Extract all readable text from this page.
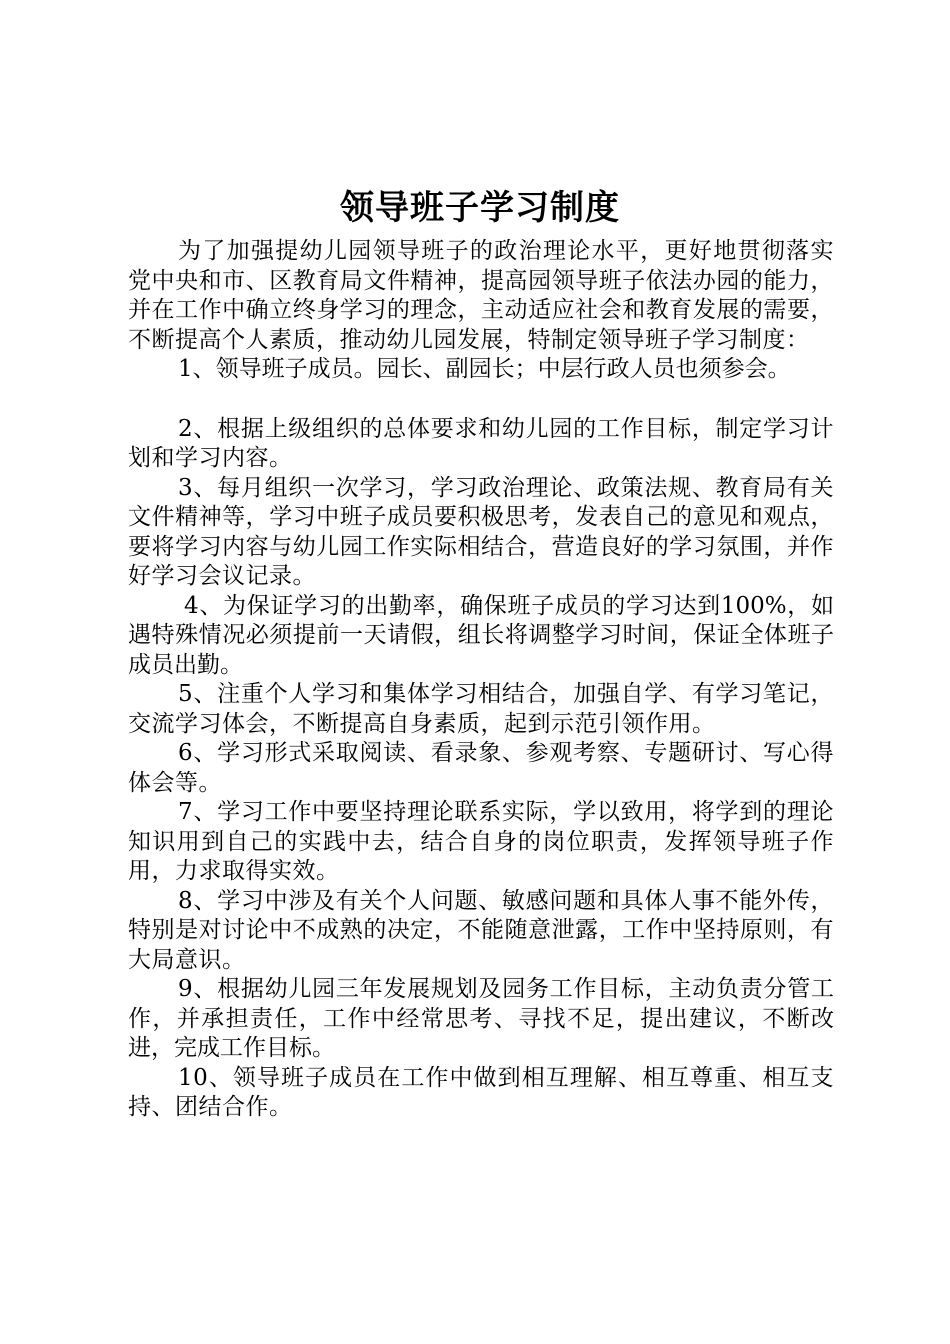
领导班子学习制度

为了加强提幼儿园领导班子的政治理论水平，更好地贯彻落实党中央和市、区教育局文件精神，提高园领导班子依法办园的能力，并在工作中确立终身学习的理念，主动适应社会和教育发展的需要，不断提高个人素质，推动幼儿园发展，特制定领导班子学习制度：

1、领导班子成员。园长、副园长；中层行政人员也须参会。

2、根据上级组织的总体要求和幼儿园的工作目标，制定学习计划和学习内容。

3、每月组织一次学习，学习政治理论、政策法规、教育局有关文件精神等，学习中班子成员要积极思考，发表自己的意见和观点，要将学习内容与幼儿园工作实际相结合，营造良好的学习氛围，并作好学习会议记录。

4、为保证学习的出勤率，确保班子成员的学习达到100%，如遇特殊情况必须提前一天请假，组长将调整学习时间，保证全体班子成员出勤。

5、注重个人学习和集体学习相结合，加强自学、有学习笔记，交流学习体会，不断提高自身素质，起到示范引领作用。

6、学习形式采取阅读、看录象、参观考察、专题研讨、写心得体会等。

7、学习工作中要坚持理论联系实际，学以致用，将学到的理论知识用到自己的实践中去，结合自身的岗位职责，发挥领导班子作用，力求取得实效。

8、学习中涉及有关个人问题、敏感问题和具体人事不能外传，特别是对讨论中不成熟的决定，不能随意泄露，工作中坚持原则，有大局意识。

9、根据幼儿园三年发展规划及园务工作目标，主动负责分管工作，并承担责任，工作中经常思考、寻找不足，提出建议，不断改进，完成工作目标。

10、领导班子成员在工作中做到相互理解、相互尊重、相互支持、团结合作。
